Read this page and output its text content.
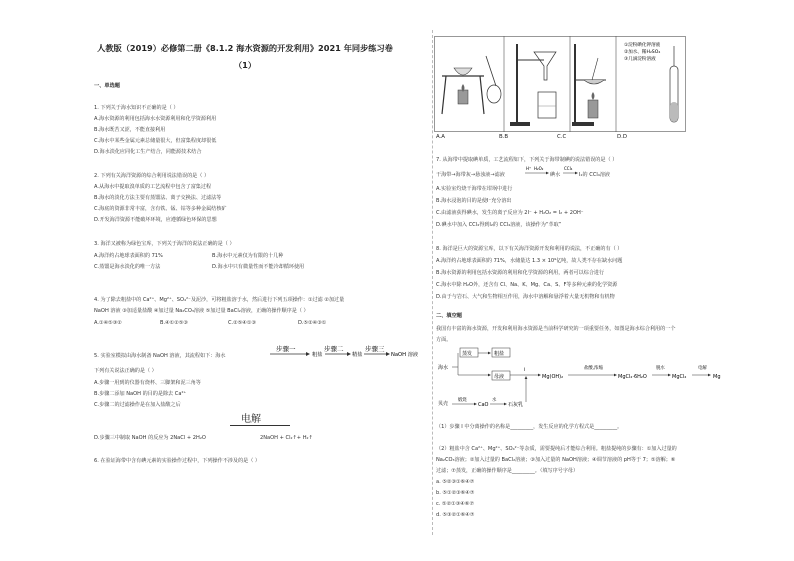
人教版（2019）必修第二册《8.1.2 海水资源的开发利用》2021 年同步练习卷
（1）
一、单选题
1. 下列关于海水知识不正确的是（ ）
A.海水资源的利用包括海水水资源利用和化学资源利用
B.海水既苦又涩，不能直接利用
C.海水中某些金属元素总储量很大，但富集程度却很低
D.海水淡化应同化工生产结合，同能源技术结合
2. 下列有关海洋资源的综合利用说法错误的是（ ）
A.从海水中提取溴单质的工艺流程中包含了富集过程
B.海水的淡化方法主要有蒸馏法、离子交换法、过滤法等
C.海底的资源非常丰富，含有铁、锰、钴等多种金属结核矿
D.开发海洋资源不能破坏环境，应遵循绿色环保的思想
3. 海洋又被称为绿色宝库，下列关于海洋的说法正确的是（ ）
A.海洋约占地球表面积的 71%	B.海水中元素仅为有限的十几种
C.蒸馏是海水淡化的唯一方法	D.海水中只有微量性而不能冷却循环使用
4. 为了除去粗盐中的 Ca²⁺、Mg²⁺、SO₄²⁻及泥沙，可将粗盐溶于水，然后进行下列五项操作：①过滤 ②加过量
NaOH 溶液 ③加适量盐酸 ④加过量 Na₂CO₃溶液 ⑤加过量 BaCl₂溶液，正确的操作顺序是（ ）
A.①④⑤③②	B.④①②⑤③	C.②⑤④①③	D.⑤②④③①
5. 实验室模拟由海水制备 NaOH 溶液，其流程如下：海水
步骤一
粗盐
步骤二
精盐
步骤三
NaOH 溶液
下列有关说法正确的是（ ）
A.步骤一用到的仪器有烧杯、三脚架和泥三角等
B.步骤二添加 NaOH 的目的是除去 Ca²⁺
C.步骤二的过滤操作是在加入盐酸之后
电解
D.步骤三中制取 NaOH 的反应为 2NaCl + 2H₂O	2NaOH + Cl₂↑+ H₂↑
6. 在验证海带中含有碘元素的实验操作过程中，下列操作不涉及的是（ ）
①淀粉碘化钾溶液
②加水、稀H₂SO₄
③几滴淀粉溶液
A.A	B.B	C.C	D.D
7. 从海带中提取碘单质，工艺流程如下，下列关于海带制碘的说法错误的是（ ）
干海带→海带灰→悬浊液→滤液
H⁺ H₂O₂	CCl₄
碘水	I₂的 CCl₄溶液
A.实验室灼烧干海带在坩埚中进行
B.海水浸泡的目的是使I⁻充分溶出
C.由滤液获得碘水，发生的离子反应为 2I⁻ + H₂O₂ = I₂ + 2OH⁻
D.碘水中加入 CCl₄得到I₂的 CCl₄溶液，该操作为“萃取”
8. 海洋是巨大的资源宝库，以下有关海洋资源开发和利用的说法，不正确的有（ ）
A.海洋约占地球表面积的 71%，水储量达 1.3 × 10⁹亿吨，故人类不存在缺水问题
B.海水资源的利用包括水资源的利用和化学资源的利用，两者可以综合进行
C.海水中除 H₂O外，还含有 Cl、Na、K、Mg、Ca、S、F等多种元素的化学资源
D.由于与岩石、大气和生物相互作用，海水中溶解和悬浮着大量无机物和有机物
二、填空题
我国有丰富的海水资源，开发和利用海水资源是当前科学研究的一项重要任务，如图是海水综合利用的一个
方面。
海水
蒸发	粗盐
母液
I
Mg(OH)₂
盐酸,浓缩
MgCl₂·6H₂O
脱水
MgCl₂
电解
Mg
贝壳
煅烧
CaO
水
石灰乳
（1）步骤 I 中分离操作的名称是_________，发生反应的化学方程式是_________。
（2）粗盐中含 Ca²⁺、Mg²⁺、SO₄²⁻等杂质，需要提纯后才能综合利用。粗盐提纯的步骤有：①加入过量的
Na₂CO₃溶液；②加入过量的 BaCl₂溶液；③加入过量的 NaOH溶液；④调节溶液的 pH等于 7；⑤溶解；⑥
过滤；⑦蒸发，正确的操作顺序是_________。（填写序号字母）
a. ⑤②③①⑥④⑦
b. ⑤①②③⑥④⑦
c. ⑤②①③④⑥⑦
d. ⑤③②①⑥④⑦
